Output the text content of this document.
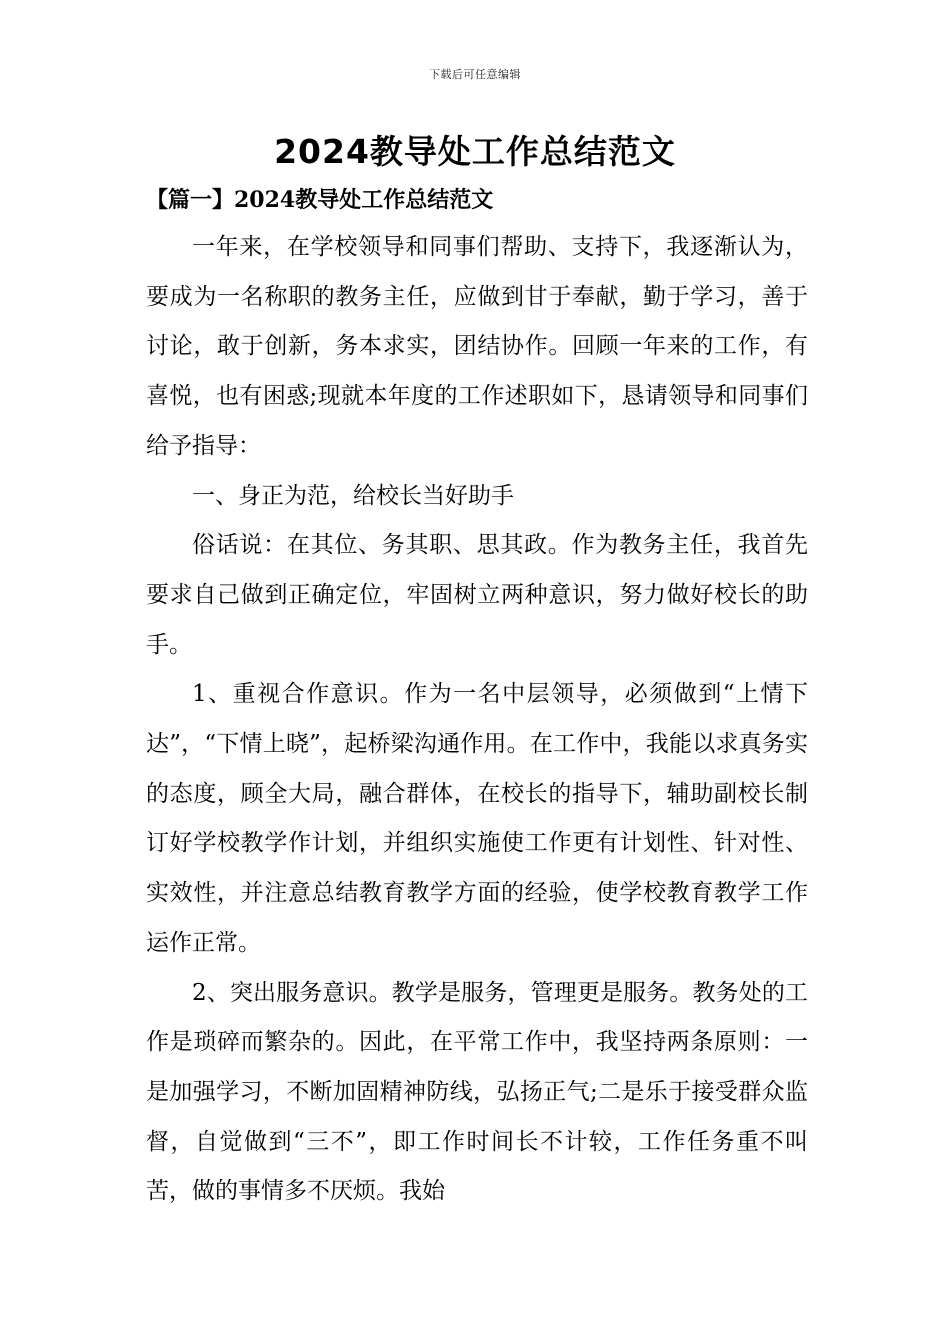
下载后可任意编辑
2024教导处工作总结范文
【篇一】2024教导处工作总结范文

一年来，在学校领导和同事们帮助、支持下，我逐渐认为，要成为一名称职的教务主任，应做到甘于奉献，勤于学习，善于讨论，敢于创新，务本求实，团结协作。回顾一年来的工作，有喜悦，也有困惑;现就本年度的工作述职如下，恳请领导和同事们给予指导：

一、身正为范，给校长当好助手

俗话说：在其位、务其职、思其政。作为教务主任，我首先要求自己做到正确定位，牢固树立两种意识，努力做好校长的助手。

1、重视合作意识。作为一名中层领导，必须做到“上情下达”，“下情上晓”，起桥梁沟通作用。在工作中，我能以求真务实的态度，顾全大局，融合群体，在校长的指导下，辅助副校长制订好学校教学作计划，并组织实施使工作更有计划性、针对性、实效性，并注意总结教育教学方面的经验，使学校教育教学工作运作正常。

2、突出服务意识。教学是服务，管理更是服务。教务处的工作是琐碎而繁杂的。因此，在平常工作中，我坚持两条原则：一是加强学习，不断加固精神防线，弘扬正气;二是乐于接受群众监督，自觉做到“三不”，即工作时间长不计较，工作任务重不叫苦，做的事情多不厌烦。我始
